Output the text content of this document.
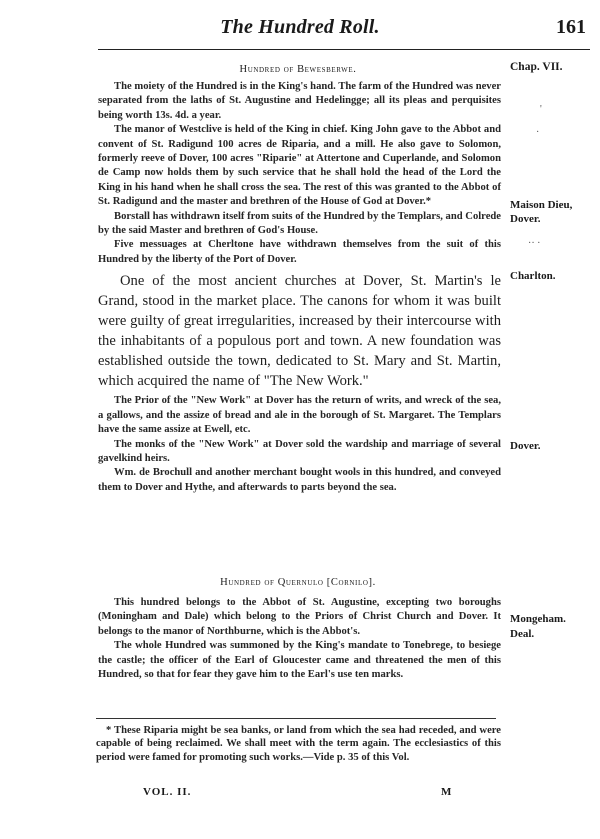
The Hundred Roll.	161
Chap. VII.
Hundred of Bewesberwe.

The moiety of the Hundred is in the King's hand. The farm of the Hundred was never separated from the laths of St. Augustine and Hedelingge; all its pleas and perquisites being worth 13s. 4d. a year.

The manor of Westclive is held of the King in chief. King John gave to the Abbot and convent of St. Radigund 100 acres de Riparia, and a mill. He also gave to Solomon, formerly reeve of Dover, 100 acres "Riparie" at Attertone and Cuperlande, and Solomon de Camp now holds them by such service that he shall hold the head of the Lord the King in his hand when he shall cross the sea. The rest of this was granted to the Abbot of St. Radigund and the master and brethren of the House of God at Dover.*

Borstall has withdrawn itself from suits of the Hundred by the Templars, and Colrede by the said Master and brethren of God's House.

Five messuages at Cherltone have withdrawn themselves from the suit of this Hundred by the liberty of the Port of Dover.

One of the most ancient churches at Dover, St. Martin's le Grand, stood in the market place. The canons for whom it was built were guilty of great irregularities, increased by their intercourse with the inhabitants of a populous port and town. A new foundation was established outside the town, dedicated to St. Mary and St. Martin, which acquired the name of "The New Work."

The Prior of the "New Work" at Dover has the return of writs, and wreck of the sea, a gallows, and the assize of bread and ale in the borough of St. Margaret. The Templars have the same assize at Ewell, etc.

The monks of the "New Work" at Dover sold the wardship and marriage of several gavelkind heirs.

Wm. de Brochull and another merchant bought wools in this hundred, and conveyed them to Dover and Hythe, and afterwards to parts beyond the sea.

Maison Dieu,
Dover.
Charlton.
Dover.
'
·
·· ·
Hundred of Quernulo [Cornilo].

This hundred belongs to the Abbot of St. Augustine, excepting two boroughs (Moningham and Dale) which belong to the Priors of Christ Church and Dover. It belongs to the manor of Northburne, which is the Abbot's.

The whole Hundred was summoned by the King's mandate to Tonebrege, to besiege the castle; the officer of the Earl of Gloucester came and threatened the men of this Hundred, so that for fear they gave him to the Earl's use ten marks.

Mongeham.
Deal.
* These Riparia might be sea banks, or land from which the sea had receded, and were capable of being reclaimed. We shall meet with the term again. The ecclesiastics of this period were famed for promoting such works.—Vide p. 35 of this Vol.
VOL. II.	M
